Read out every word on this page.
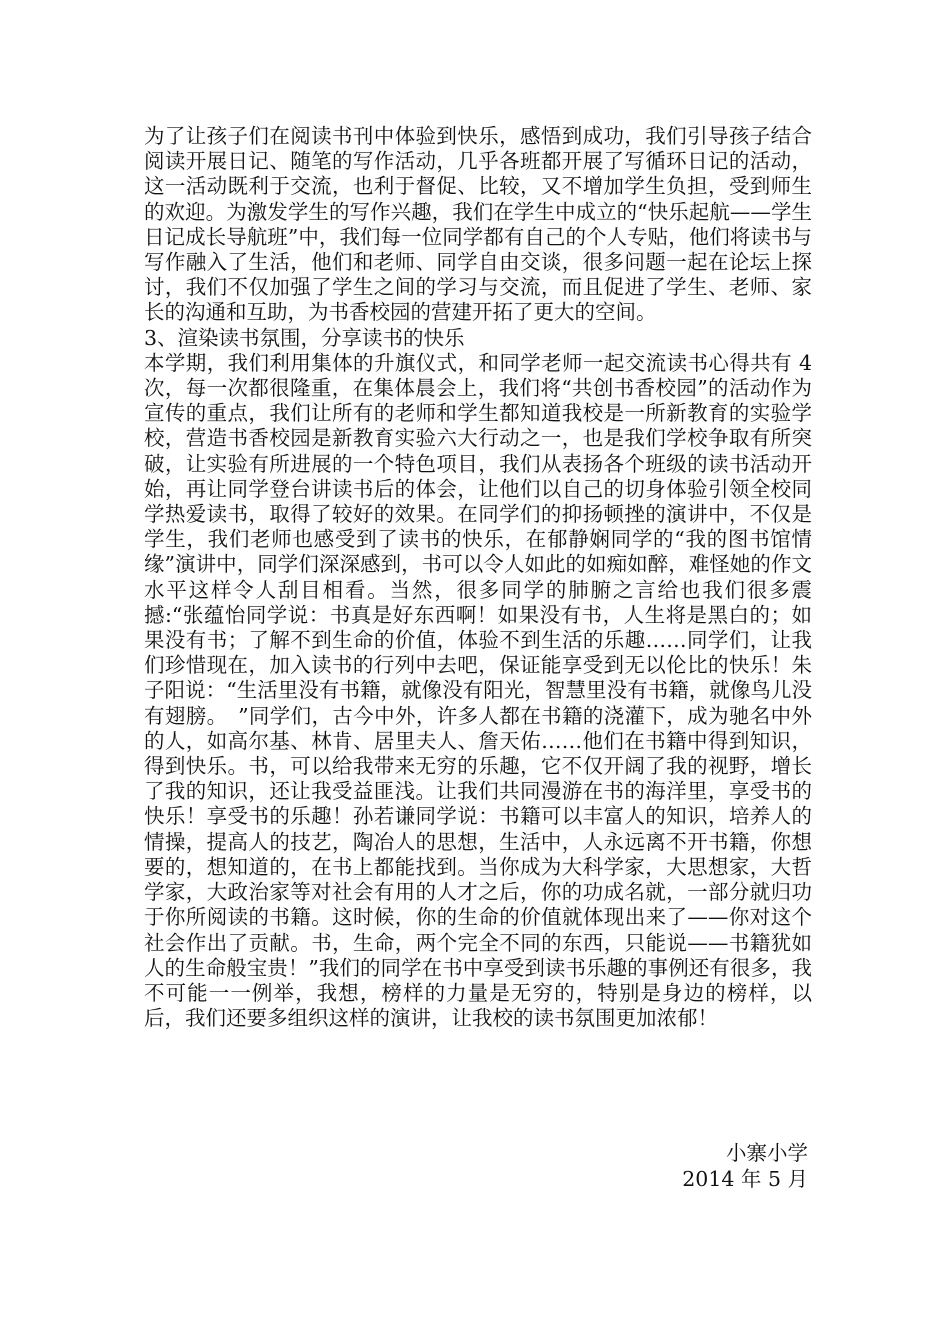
为了让孩子们在阅读书刊中体验到快乐，感悟到成功，我们引导孩子结合阅读开展日记、随笔的写作活动，几乎各班都开展了写循环日记的活动，这一活动既利于交流，也利于督促、比较，又不增加学生负担，受到师生的欢迎。为激发学生的写作兴趣，我们在学生中成立的“快乐起航——学生日记成长导航班”中，我们每一位同学都有自己的个人专贴，他们将读书与写作融入了生活，他们和老师、同学自由交谈，很多问题一起在论坛上探讨，我们不仅加强了学生之间的学习与交流，而且促进了学生、老师、家长的沟通和互助，为书香校园的营建开拓了更大的空间。

3、渲染读书氛围，分享读书的快乐

本学期，我们利用集体的升旗仪式，和同学老师一起交流读书心得共有 4 次，每一次都很隆重，在集体晨会上，我们将“共创书香校园”的活动作为宣传的重点，我们让所有的老师和学生都知道我校是一所新教育的实验学校，营造书香校园是新教育实验六大行动之一，也是我们学校争取有所突破，让实验有所进展的一个特色项目，我们从表扬各个班级的读书活动开始，再让同学登台讲读书后的体会，让他们以自己的切身体验引领全校同学热爱读书，取得了较好的效果。在同学们的抑扬顿挫的演讲中，不仅是学生，我们老师也感受到了读书的快乐，在郁静娴同学的“我的图书馆情缘”演讲中，同学们深深感到，书可以令人如此的如痴如醉，难怪她的作文水平这样令人刮目相看。当然，很多同学的肺腑之言给也我们很多震撼:“张蕴怡同学说：书真是好东西啊！如果没有书，人生将是黑白的；如果没有书；了解不到生命的价值，体验不到生活的乐趣……同学们，让我们珍惜现在，加入读书的行列中去吧，保证能享受到无以伦比的快乐！朱子阳说：“生活里没有书籍，就像没有阳光，智慧里没有书籍，就像鸟儿没有翅膀。　”同学们，古今中外，许多人都在书籍的浇灌下，成为驰名中外的人，如高尔基、林肯、居里夫人、詹天佑……他们在书籍中得到知识，得到快乐。书，可以给我带来无穷的乐趣，它不仅开阔了我的视野，增长了我的知识，还让我受益匪浅。让我们共同漫游在书的海洋里，享受书的快乐！享受书的乐趣！孙若谦同学说：书籍可以丰富人的知识，培养人的情操，提高人的技艺，陶冶人的思想，生活中，人永远离不开书籍，你想要的，想知道的，在书上都能找到。当你成为大科学家，大思想家，大哲学家，大政治家等对社会有用的人才之后，你的功成名就，一部分就归功于你所阅读的书籍。这时候，你的生命的价值就体现出来了——你对这个社会作出了贡献。书，生命，两个完全不同的东西，只能说——书籍犹如人的生命般宝贵！”我们的同学在书中享受到读书乐趣的事例还有很多，我不可能一一例举，我想，榜样的力量是无穷的，特别是身边的榜样，以后，我们还要多组织这样的演讲，让我校的读书氛围更加浓郁！

小寨小学
2014 年 5 月
